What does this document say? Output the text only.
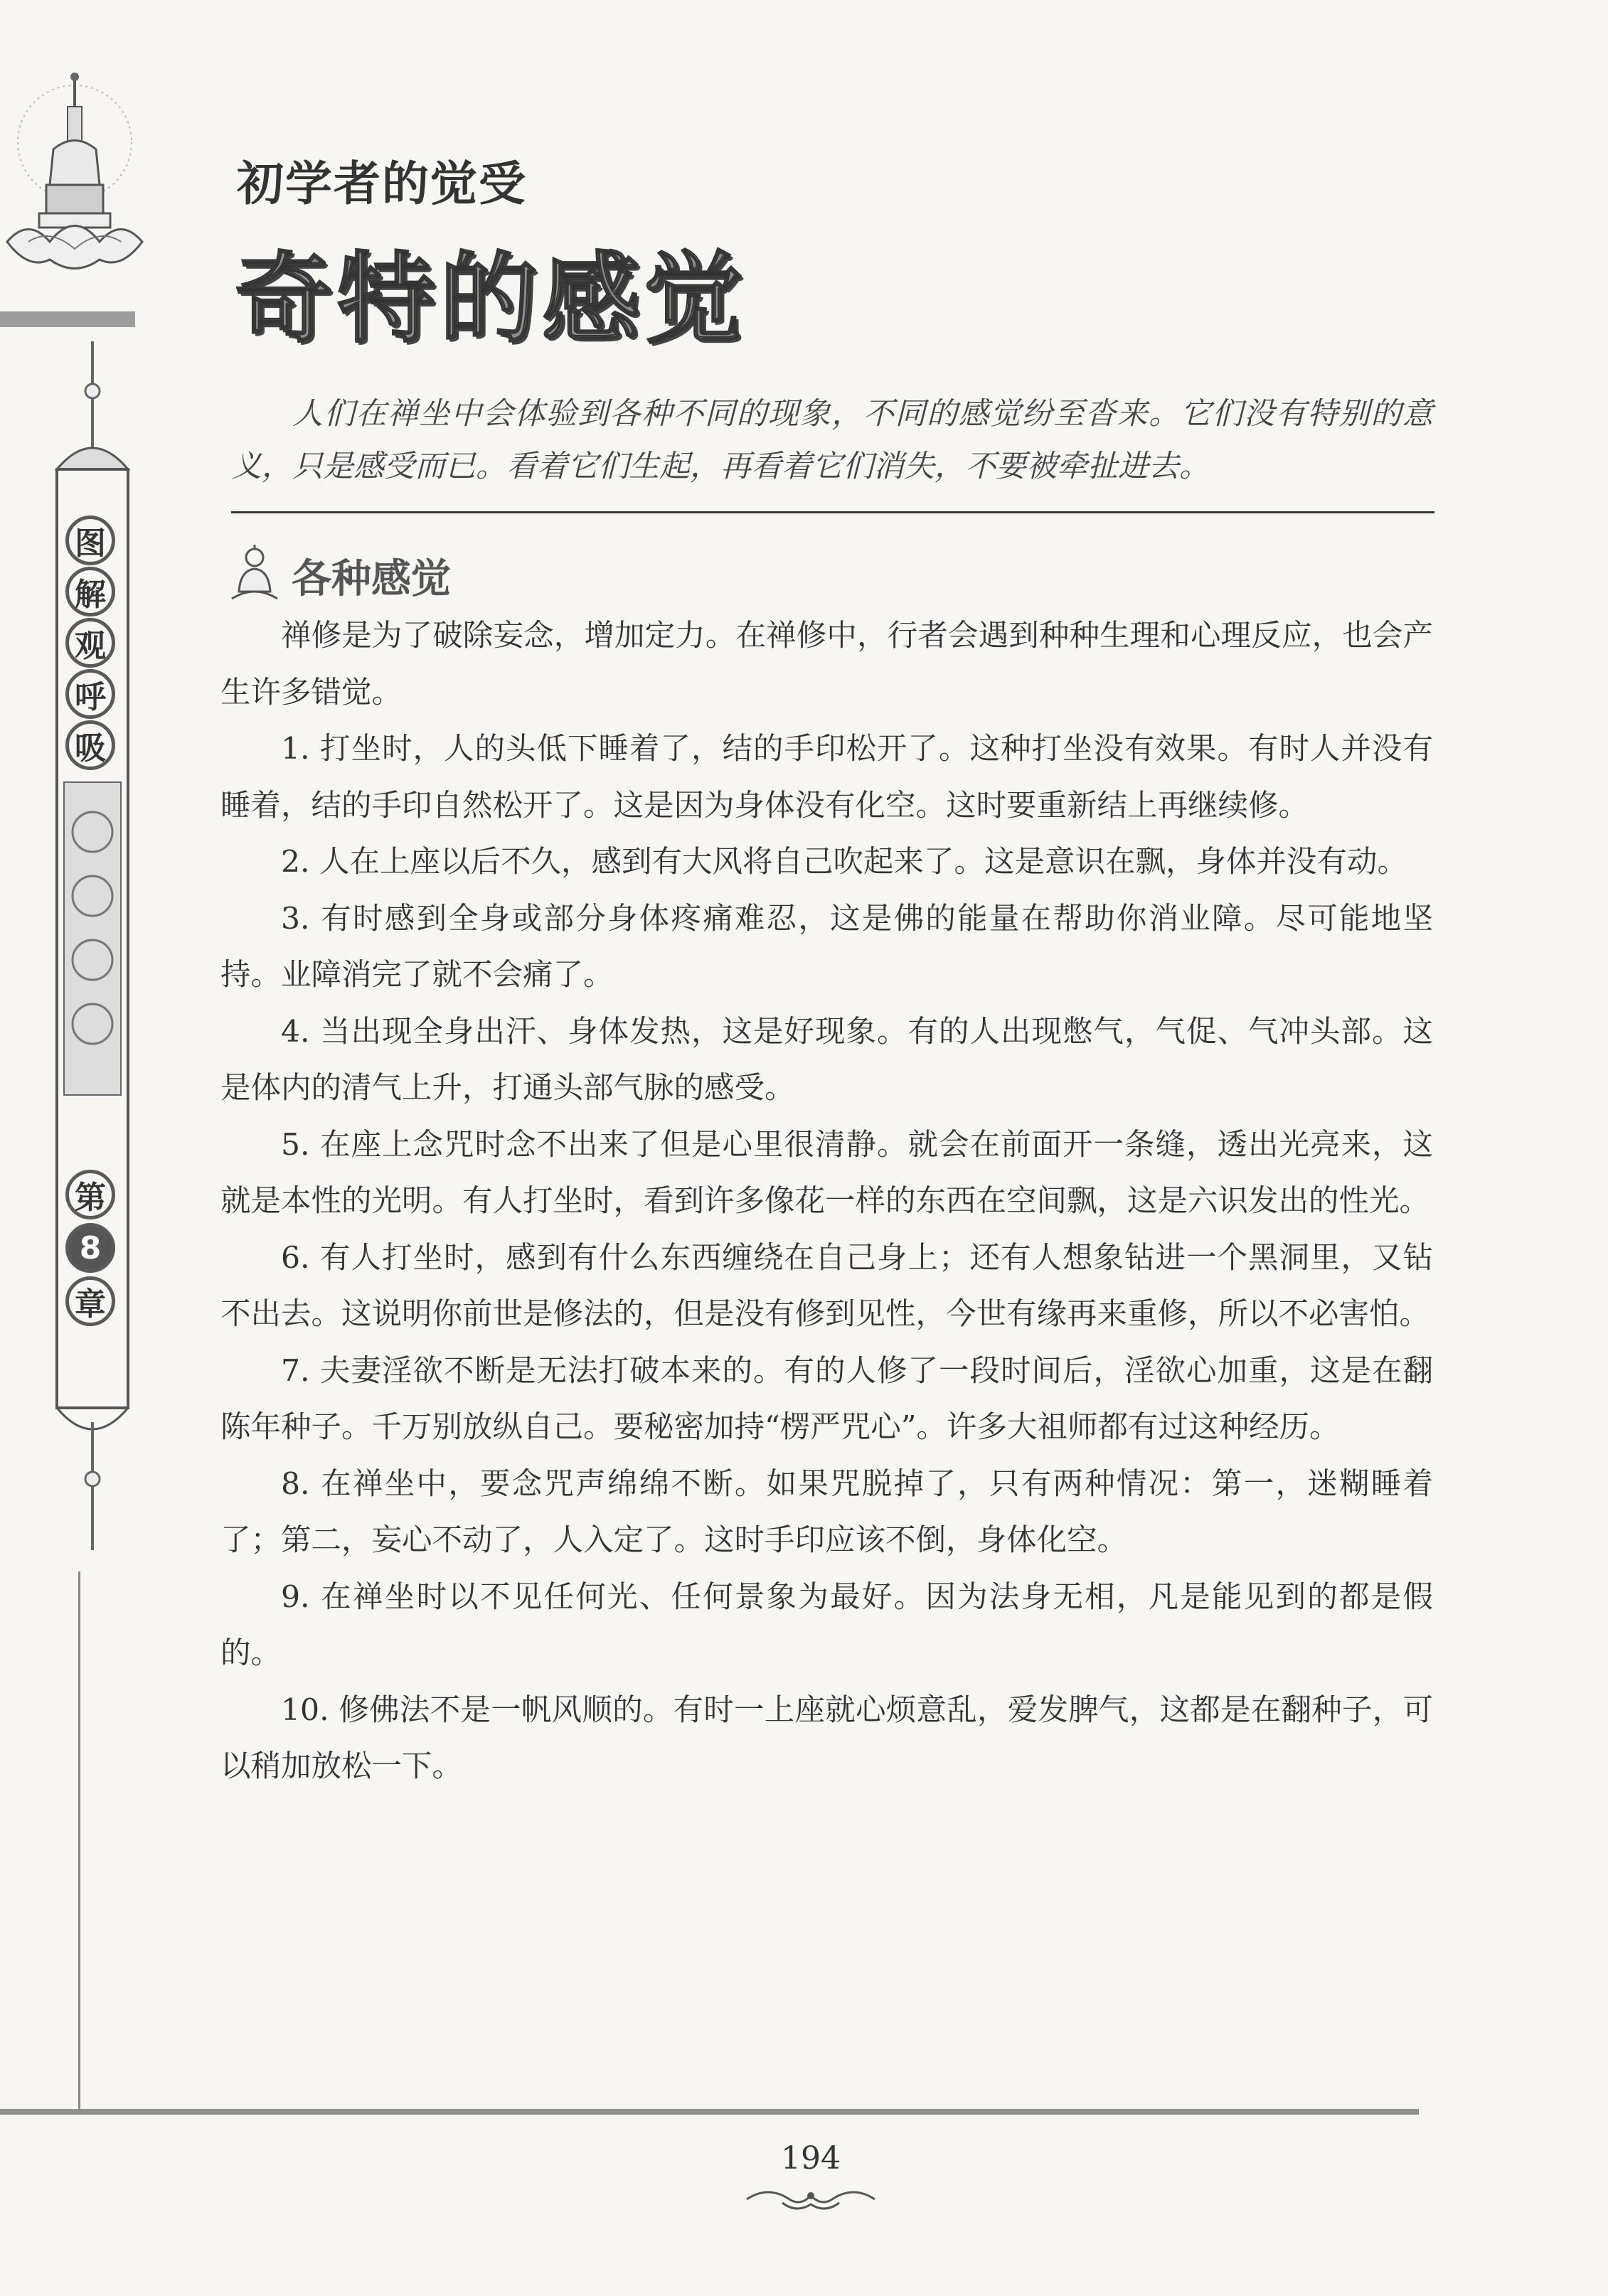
图
解
观
呼
吸
第
8
章
初学者的觉受
奇特的感觉
人们在禅坐中会体验到各种不同的现象，不同的感觉纷至沓来。它们没有特别的意义，只是感受而已。看着它们生起，再看着它们消失，不要被牵扯进去。
各种感觉

禅修是为了破除妄念，增加定力。在禅修中，行者会遇到种种生理和心理反应，也会产生许多错觉。

1. 打坐时，人的头低下睡着了，结的手印松开了。这种打坐没有效果。有时人并没有睡着，结的手印自然松开了。这是因为身体没有化空。这时要重新结上再继续修。

2. 人在上座以后不久，感到有大风将自己吹起来了。这是意识在飘，身体并没有动。

3. 有时感到全身或部分身体疼痛难忍，这是佛的能量在帮助你消业障。尽可能地坚持。业障消完了就不会痛了。

4. 当出现全身出汗、身体发热，这是好现象。有的人出现憋气，气促、气冲头部。这是体内的清气上升，打通头部气脉的感受。

5. 在座上念咒时念不出来了但是心里很清静。就会在前面开一条缝，透出光亮来，这就是本性的光明。有人打坐时，看到许多像花一样的东西在空间飘，这是六识发出的性光。

6. 有人打坐时，感到有什么东西缠绕在自己身上；还有人想象钻进一个黑洞里，又钻不出去。这说明你前世是修法的，但是没有修到见性，今世有缘再来重修，所以不必害怕。

7. 夫妻淫欲不断是无法打破本来的。有的人修了一段时间后，淫欲心加重，这是在翻陈年种子。千万别放纵自己。要秘密加持“楞严咒心”。许多大祖师都有过这种经历。

8. 在禅坐中，要念咒声绵绵不断。如果咒脱掉了，只有两种情况：第一，迷糊睡着了；第二，妄心不动了，人入定了。这时手印应该不倒，身体化空。

9. 在禅坐时以不见任何光、任何景象为最好。因为法身无相，凡是能见到的都是假的。

10. 修佛法不是一帆风顺的。有时一上座就心烦意乱，爱发脾气，这都是在翻种子，可以稍加放松一下。

194
